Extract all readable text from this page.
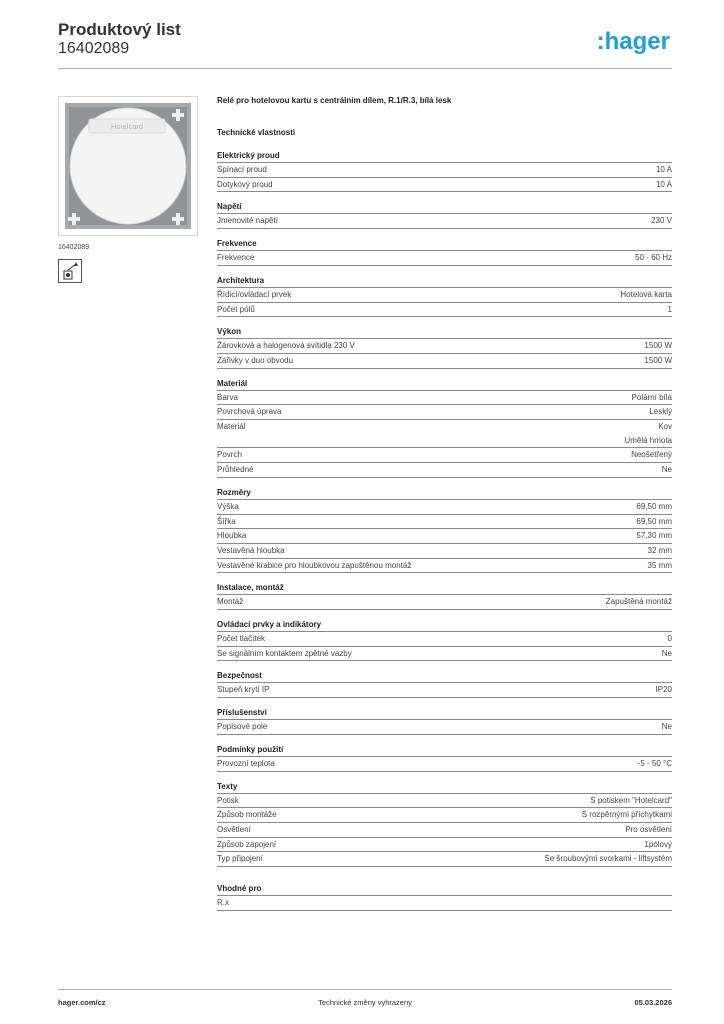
Produktový list
16402089	:hager
Hotelcard
16402089
Relé pro hotelovou kartu s centrálním dílem, R.1/R.3, bílá lesk
Technické vlastnosti
Elektrický proud
Spínací proud	10 A
Dotykový proud	10 A
Napětí
Jmenovité napětí	230 V
Frekvence
Frekvence	50 - 60 Hz
Architektura
Řídicí/ovládací prvek	Hotelová karta
Počet pólů	1
Výkon
Žárovková a halogenová svítidla 230 V	1500 W
Zářivky v duo obvodu	1500 W
Materiál
Barva	Polární bílá
Povrchová úprava	Lesklý
Materiál	Kov
Umělá hmota
Povrch	Neošetřený
Průhledné	Ne
Rozměry
Výška	69,50 mm
Šířka	69,50 mm
Hloubka	57,30 mm
Vestavěná hloubka	32 mm
Vestavěné krabice pro hloubkovou zapuštěnou montáž	35 mm
Instalace, montáž
Montáž	Zapuštěná montáž
Ovládací prvky a indikátory
Počet tlačítek	0
Se signálním kontaktem zpětné vazby	Ne
Bezpečnost
Stupeň krytí IP	IP20
Příslušenství
Popisové pole	Ne
Podmínky použití
Provozní teplota	-5 - 50 °C
Texty
Potisk	S potiskem "Hotelcard"
Způsob montáže	S rozpěrnými příchytkami
Osvětlení	Pro osvětlení
Způsob zapojení	1pólový
Typ připojení	Se šroubovými svorkami - liftsystém
Vhodné pro
R.x
Technické změny vyhrazeny
hager.com/cz	05.03.2026
